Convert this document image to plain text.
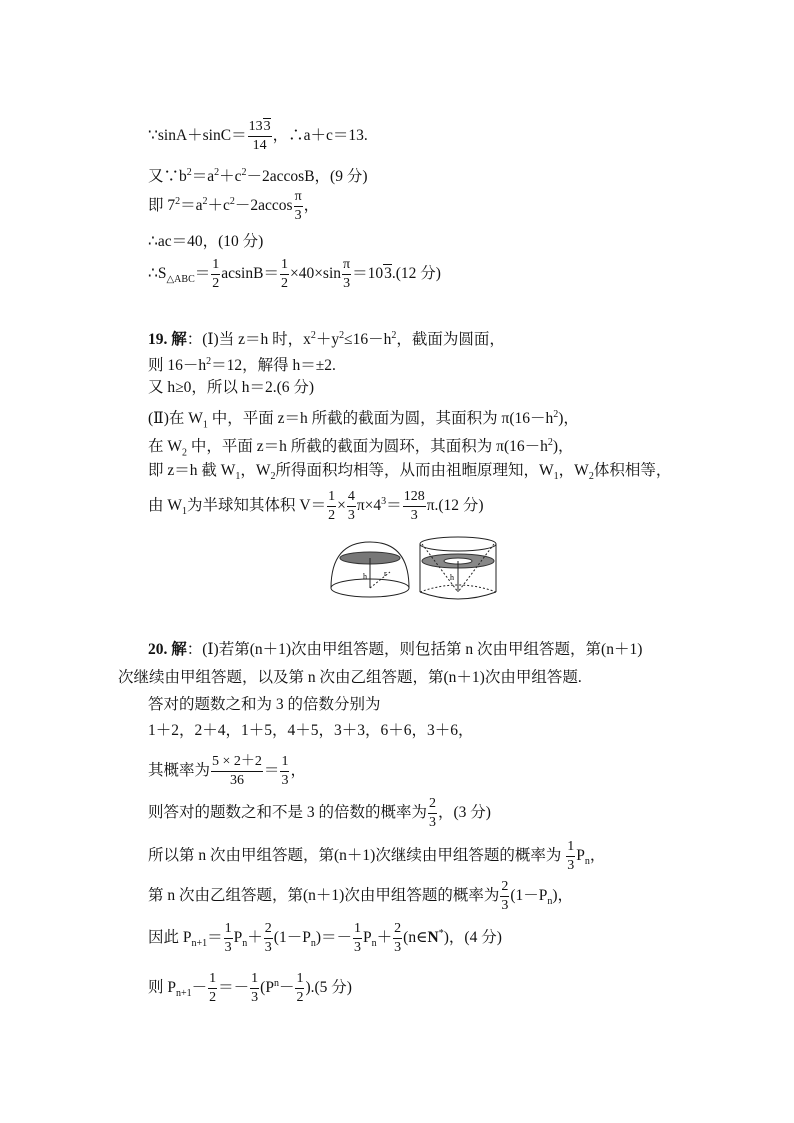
∵sinA＋sinC＝ $\frac{133}{14}$ ，∴a＋c＝13.
又$\because b^2=a^2+c^2-2accosB$，(9 分)
即 $7^2=a^2+c^2-2accos \frac{\pi}{3}$ ，
∴ac＝40，(10 分)
$\therefore S_{\triangle ABC}= \frac{1}{2} acsinB= \frac{1}{2} \times 40\times\sin \frac{\pi}{3} =103.(12$ 分)
19. 解：(Ⅰ)当 z＝h 时，$x^2+y^2\le 16-h^2$，截面为圆面，
则 $16-h^2=12$，解得 h＝±2.
又 h≥0，所以 h＝2.(6 分)
(Ⅱ)在 $W_1$ 中，平面 z＝h 所截的截面为圆，其面积为 $\pi(16-h^2)$，
在 $W_2$ 中，平面 z＝h 所截的截面为圆环，其面积为 $\pi(16-h^2)$，
即 z＝h 截 $W_1$，$W_2$所得面积均相等，从而由祖暅原理知，$W_1$，$W_2$体积相等，
由 $W_1$为半球知其体积 $V= \frac{1}{2} \times \frac{4}{3} \pi\times 4^3= \frac{128}{3} \pi.(12$ 分)
h r	h
20. 解：(Ⅰ)若第(n＋1)次由甲组答题，则包括第 n 次由甲组答题，第(n＋1)
次继续由甲组答题，以及第 n 次由乙组答题，第(n＋1)次由甲组答题.
答对的题数之和为 3 的倍数分别为
1＋2，2＋4，1＋5，4＋5，3＋3，6＋6，3＋6，
其概率为 $\frac{5 \times 2+2}{36} = \frac{1}{3}$ ，
则答对的题数之和不是 3 的倍数的概率为 $\frac{2}{3}$ ，(3 分)
所以第 n 次由甲组答题，第(n＋1)次继续由甲组答题的概率为 $\frac{1}{3} P_n$，
第 n 次由乙组答题，第(n＋1)次由甲组答题的概率为 $\frac{2}{3} (1-P_n)$，
因此 $P_{n+1}= \frac{1}{3} P_n+ \frac{2}{3} (1-P_n)=- \frac{1}{3} P_n+ \frac{2}{3}$ (n∈N*)，(4 分)
则 $P_{n+1}- \frac{1}{2} =- \frac{1}{3} (P^n- \frac{1}{2} ).(5$ 分)
